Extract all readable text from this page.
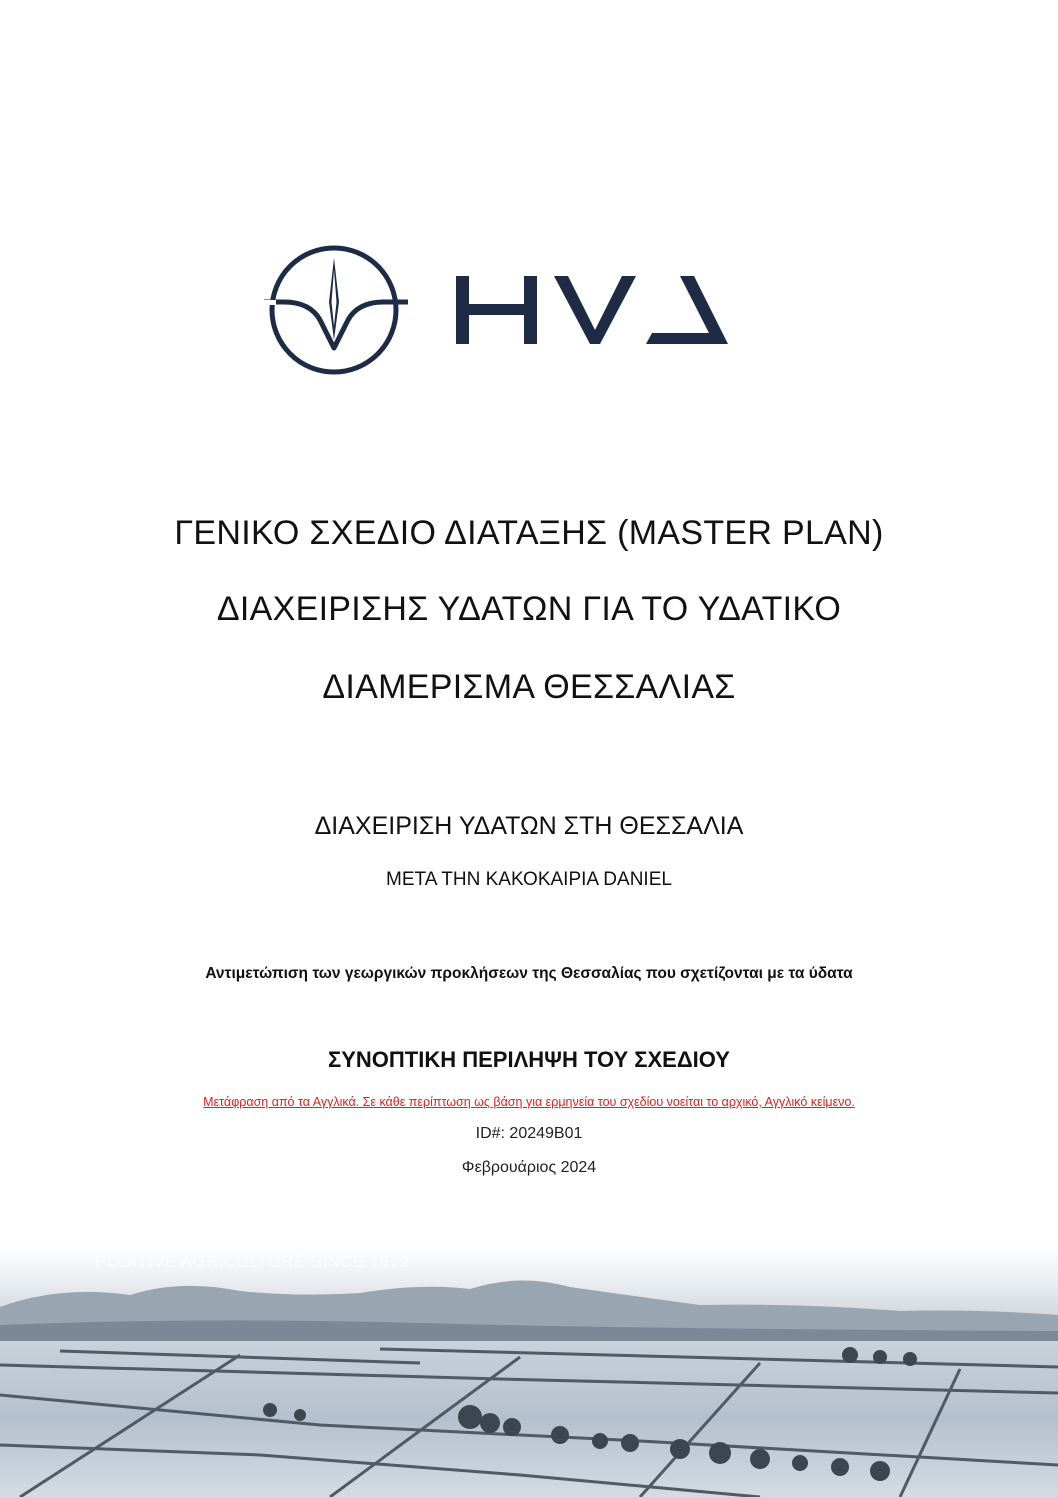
ΓΕΝΙΚΟ ΣΧΕΔΙΟ ΔΙΑΤΑΞΗΣ (MASTER PLAN)
ΔΙΑΧΕΙΡΙΣΗΣ ΥΔΑΤΩΝ ΓΙΑ ΤΟ ΥΔΑΤΙΚΟ
ΔΙΑΜΕΡΙΣΜΑ ΘΕΣΣΑΛΙΑΣ
ΔΙΑΧΕΙΡΙΣΗ ΥΔΑΤΩΝ ΣΤΗ ΘΕΣΣΑΛΙΑ
ΜΕΤΑ ΤΗΝ ΚΑΚΟΚΑΙΡΙΑ DANIEL
Αντιμετώπιση των γεωργικών προκλήσεων της Θεσσαλίας που σχετίζονται με τα ύδατα
ΣΥΝΟΠΤΙΚΗ ΠΕΡΙΛΗΨΗ ΤΟΥ ΣΧΕΔΙΟΥ
Μετάφραση από τα Αγγλικά. Σε κάθε περίπτωση ως βάση για ερμηνεία του σχεδίου νοείται το αρχικό, Αγγλικό κείμενο.
ID#: 20249B01
Φεβρουάριος 2024
POSITIVE AGRICULTURE SINCE 1879
